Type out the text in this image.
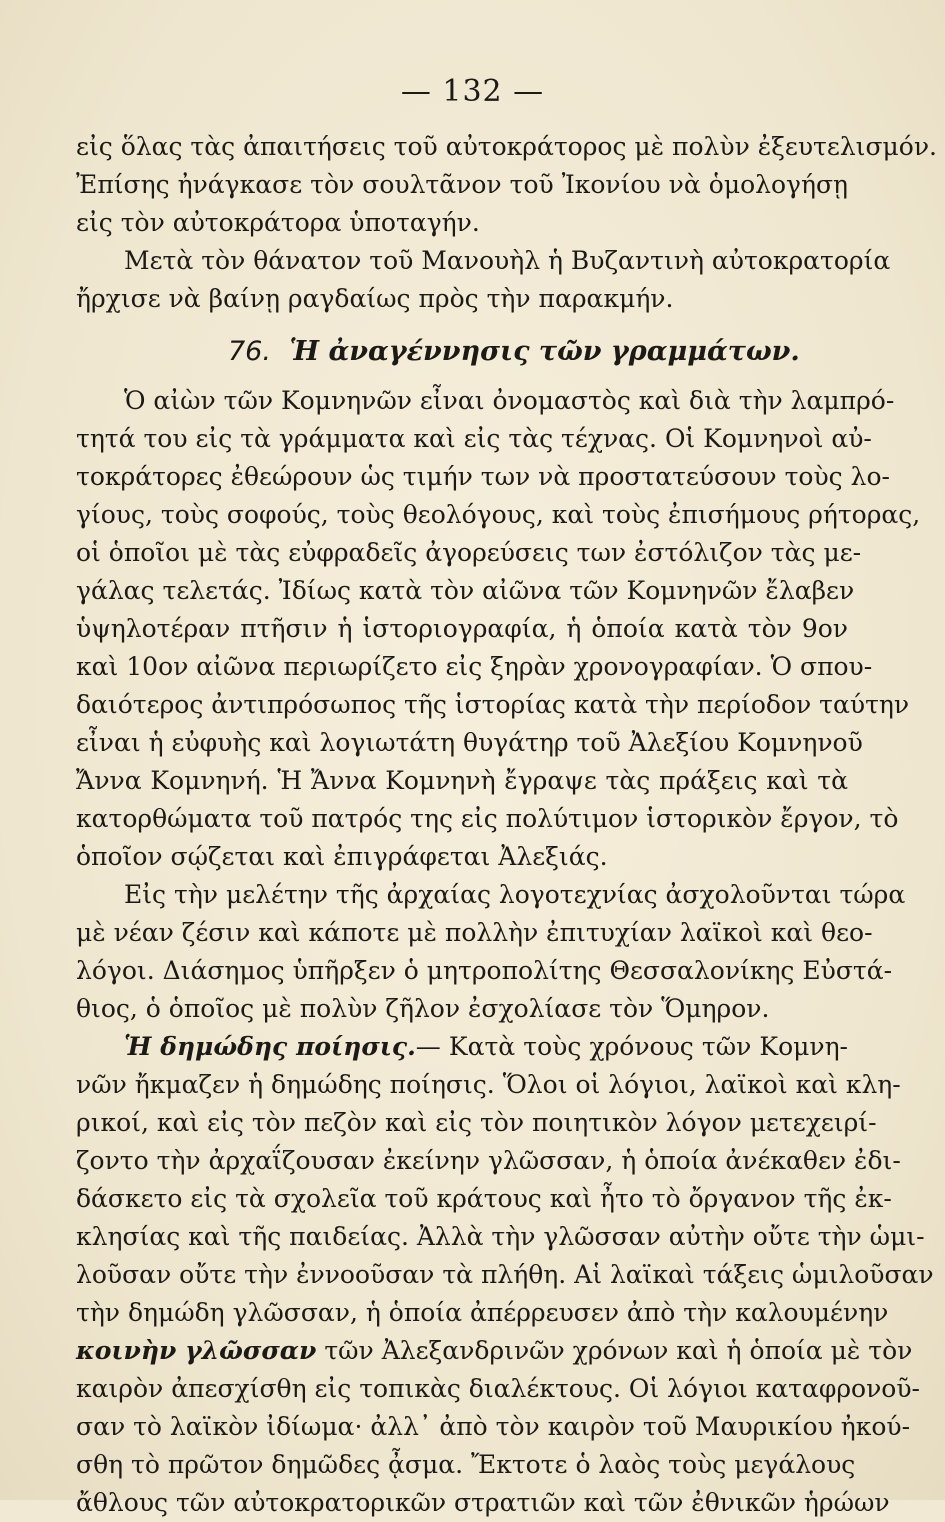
— 132 —
εἰς ὅλας τὰς ἀπαιτήσεις τοῦ αὐτοκράτορος μὲ πολὺν ἐξευτελισμόν.
Ἐπίσης ἠνάγκασε τὸν σουλτᾶνον τοῦ Ἰκονίου νὰ ὁμολογήσῃ
εἰς τὸν αὐτοκράτορα ὑποταγήν.
Μετὰ τὸν θάνατον τοῦ Μανουὴλ ἡ Βυζαντινὴ αὐτοκρατορία
ἤρχισε νὰ βαίνῃ ραγδαίως πρὸς τὴν παρακμήν.
76. Ἡ ἀναγέννησις τῶν γραμμάτων.
Ὁ αἰὼν τῶν Κομνηνῶν εἶναι ὀνομαστὸς καὶ διὰ τὴν λαμπρό-
τητά του εἰς τὰ γράμματα καὶ εἰς τὰς τέχνας. Οἱ Κομνηνοὶ αὐ-
τοκράτορες ἐθεώρουν ὡς τιμήν των νὰ προστατεύσουν τοὺς λο-
γίους, τοὺς σοφούς, τοὺς θεολόγους, καὶ τοὺς ἐπισήμους ρήτορας,
οἱ ὁποῖοι μὲ τὰς εὐφραδεῖς ἀγορεύσεις των ἐστόλιζον τὰς με-
γάλας τελετάς. Ἰδίως κατὰ τὸν αἰῶνα τῶν Κομνηνῶν ἔλαβεν
ὑψηλοτέραν πτῆσιν ἡ ἱστοριογραφία, ἡ ὁποία κατὰ τὸν 9ον
καὶ 10ον αἰῶνα περιωρίζετο εἰς ξηρὰν χρονογραφίαν. Ὁ σπου-
δαιότερος ἀντιπρόσωπος τῆς ἱστορίας κατὰ τὴν περίοδον ταύτην
εἶναι ἡ εὐφυὴς καὶ λογιωτάτη θυγάτηρ τοῦ Ἀλεξίου Κομνηνοῦ
Ἄννα Κομνηνή. Ἡ Ἄννα Κομνηνὴ ἔγραψε τὰς πράξεις καὶ τὰ
κατορθώματα τοῦ πατρός της εἰς πολύτιμον ἱστορικὸν ἔργον, τὸ
ὁποῖον σῴζεται καὶ ἐπιγράφεται Ἀλεξιάς.
Εἰς τὴν μελέτην τῆς ἀρχαίας λογοτεχνίας ἀσχολοῦνται τώρα
μὲ νέαν ζέσιν καὶ κάποτε μὲ πολλὴν ἐπιτυχίαν λαϊκοὶ καὶ θεο-
λόγοι. Διάσημος ὑπῆρξεν ὁ μητροπολίτης Θεσσαλονίκης Εὐστά-
θιος, ὁ ὁποῖος μὲ πολὺν ζῆλον ἐσχολίασε τὸν Ὅμηρον.
Ἡ δημώδης ποίησις.— Κατὰ τοὺς χρόνους τῶν Κομνη-
νῶν ἤκμαζεν ἡ δημώδης ποίησις. Ὅλοι οἱ λόγιοι, λαϊκοὶ καὶ κλη-
ρικοί, καὶ εἰς τὸν πεζὸν καὶ εἰς τὸν ποιητικὸν λόγον μετεχειρί-
ζοντο τὴν ἀρχαΐζουσαν ἐκείνην γλῶσσαν, ἡ ὁποία ἀνέκαθεν ἐδι-
δάσκετο εἰς τὰ σχολεῖα τοῦ κράτους καὶ ἦτο τὸ ὄργανον τῆς ἐκ-
κλησίας καὶ τῆς παιδείας. Ἀλλὰ τὴν γλῶσσαν αὐτὴν οὔτε τὴν ὡμι-
λοῦσαν οὔτε τὴν ἐννοοῦσαν τὰ πλήθη. Αἱ λαϊκαὶ τάξεις ὡμιλοῦσαν
τὴν δημώδη γλῶσσαν, ἡ ὁποία ἀπέρρευσεν ἀπὸ τὴν καλουμένην
κοινὴν γλῶσσαν τῶν Ἀλεξανδρινῶν χρόνων καὶ ἡ ὁποία μὲ τὸν
καιρὸν ἀπεσχίσθη εἰς τοπικὰς διαλέκτους. Οἱ λόγιοι καταφρονοῦ-
σαν τὸ λαϊκὸν ἰδίωμα· ἀλλ᾽ ἀπὸ τὸν καιρὸν τοῦ Μαυρικίου ἠκού-
σθη τὸ πρῶτον δημῶδες ᾆσμα. Ἔκτοτε ὁ λαὸς τοὺς μεγάλους
ἄθλους τῶν αὐτοκρατορικῶν στρατιῶν καὶ τῶν ἐθνικῶν ἡρώων
